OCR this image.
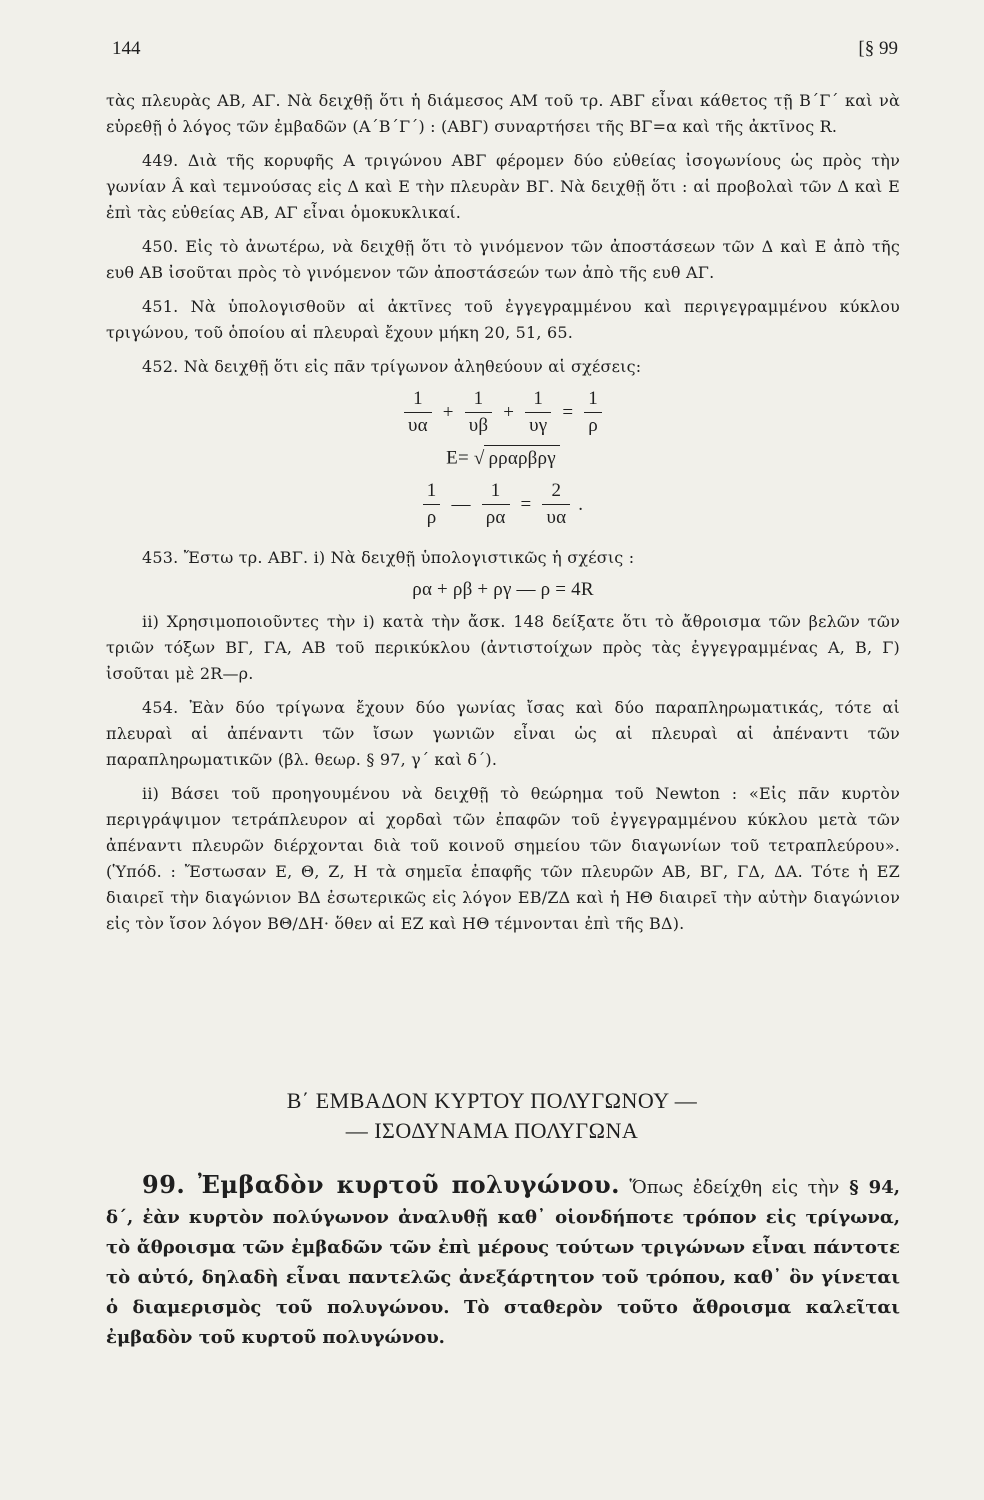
144	[§ 99

τὰς πλευρὰς ΑΒ, ΑΓ. Νὰ δειχθῇ ὅτι ἡ διάμεσος ΑΜ τοῦ τρ. ΑΒΓ εἶναι κάθετος τῇ Β΄Γ΄ καὶ νὰ εὑρεθῇ ὁ λόγος τῶν ἐμβαδῶν (Α΄Β΄Γ΄) : (ΑΒΓ) συναρτήσει τῆς ΒΓ=α καὶ τῆς ἀκτῖνος R.

449. Διὰ τῆς κορυφῆς Α τριγώνου ΑΒΓ φέρομεν δύο εὐθείας ἰσογωνίους ὡς πρὸς τὴν γωνίαν Â καὶ τεμνούσας εἰς Δ καὶ Ε τὴν πλευρὰν ΒΓ. Νὰ δειχθῇ ὅτι : αἱ προβολαὶ τῶν Δ καὶ Ε ἐπὶ τὰς εὐθείας ΑΒ, ΑΓ εἶναι ὁμοκυκλικαί.

450. Εἰς τὸ ἀνωτέρω, νὰ δειχθῇ ὅτι τὸ γινόμενον τῶν ἀποστάσεων τῶν Δ καὶ Ε ἀπὸ τῆς ευθ ΑΒ ἰσοῦται πρὸς τὸ γινόμενον τῶν ἀποστάσεών των ἀπὸ τῆς ευθ ΑΓ.

451. Νὰ ὑπολογισθοῦν αἱ ἀκτῖνες τοῦ ἐγγεγραμμένου καὶ περιγεγραμμένου κύκλου τριγώνου, τοῦ ὁποίου αἱ πλευραὶ ἔχουν μήκη 20, 51, 65.

452. Νὰ δειχθῇ ὅτι εἰς πᾶν τρίγωνον ἀληθεύουν αἱ σχέσεις:

$\frac{1}{\upsilon\alpha} + \frac{1}{\upsilon\beta} + \frac{1}{\upsilon\gamma} = \frac{1}{\rho}$
E= √ ρραρβργ
$\frac{1}{\rho}$ — $\frac{1}{\rho\alpha} = \frac{2}{\upsilon\alpha}$ .

453. Ἔστω τρ. ΑΒΓ. i) Νὰ δειχθῇ ὑπολογιστικῶς ἡ σχέσις :

ρα + ρβ + ργ — ρ = 4R

ii) Χρησιμοποιοῦντες τὴν i) κατὰ τὴν ἄσκ. 148 δείξατε ὅτι τὸ ἄθροισμα τῶν βελῶν τῶν τριῶν τόξων ΒΓ, ΓΑ, ΑΒ τοῦ περικύκλου (ἀντιστοίχων πρὸς τὰς ἐγγεγραμμένας Α, Β, Γ) ἰσοῦται μὲ 2R—ρ.

454. Ἐὰν δύο τρίγωνα ἔχουν δύο γωνίας ἴσας καὶ δύο παραπληρωματικάς, τότε αἱ πλευραὶ αἱ ἀπέναντι τῶν ἴσων γωνιῶν εἶναι ὡς αἱ πλευραὶ αἱ ἀπέναντι τῶν παραπληρωματικῶν (βλ. θεωρ. § 97, γ΄ καὶ δ΄).

ii) Βάσει τοῦ προηγουμένου νὰ δειχθῇ τὸ θεώρημα τοῦ Newton : «Εἰς πᾶν κυρτὸν περιγράψιμον τετράπλευρον αἱ χορδαὶ τῶν ἐπαφῶν τοῦ ἐγγεγραμμένου κύκλου μετὰ τῶν ἀπέναντι πλευρῶν διέρχονται διὰ τοῦ κοινοῦ σημείου τῶν διαγωνίων τοῦ τετραπλεύρου». (Ὑπόδ. : Ἔστωσαν Ε, Θ, Ζ, Η τὰ σημεῖα ἐπαφῆς τῶν πλευρῶν ΑΒ, ΒΓ, ΓΔ, ΔΑ. Τότε ἡ ΕΖ διαιρεῖ τὴν διαγώνιον ΒΔ ἐσωτερικῶς εἰς λόγον ΕΒ/ΖΔ καὶ ἡ ΗΘ διαιρεῖ τὴν αὐτὴν διαγώνιον εἰς τὸν ἴσον λόγον ΒΘ/ΔΗ· ὅθεν αἱ ΕΖ καὶ ΗΘ τέμνονται ἐπὶ τῆς ΒΔ).

Β΄ ΕΜΒΑΔΟΝ ΚΥΡΤΟΥ ΠΟΛΥΓΩΝΟΥ —
— ΙΣΟΔΥΝΑΜΑ ΠΟΛΥΓΩΝΑ

99. Ἐμβαδὸν κυρτοῦ πολυγώνου. Ὅπως ἐδείχθη εἰς τὴν § 94, δ΄, ἐὰν κυρτὸν πολύγωνον ἀναλυθῇ καθ᾽ οἱονδήποτε τρόπον εἰς τρίγωνα, τὸ ἄθροισμα τῶν ἐμβαδῶν τῶν ἐπὶ μέρους τούτων τριγώνων εἶναι πάντοτε τὸ αὐτό, δηλαδὴ εἶναι παντελῶς ἀνεξάρτητον τοῦ τρόπου, καθ᾽ ὃν γίνεται ὁ διαμερισμὸς τοῦ πολυγώνου. Τὸ σταθερὸν τοῦτο ἄθροισμα καλεῖται ἐμβαδὸν τοῦ κυρτοῦ πολυγώνου.
